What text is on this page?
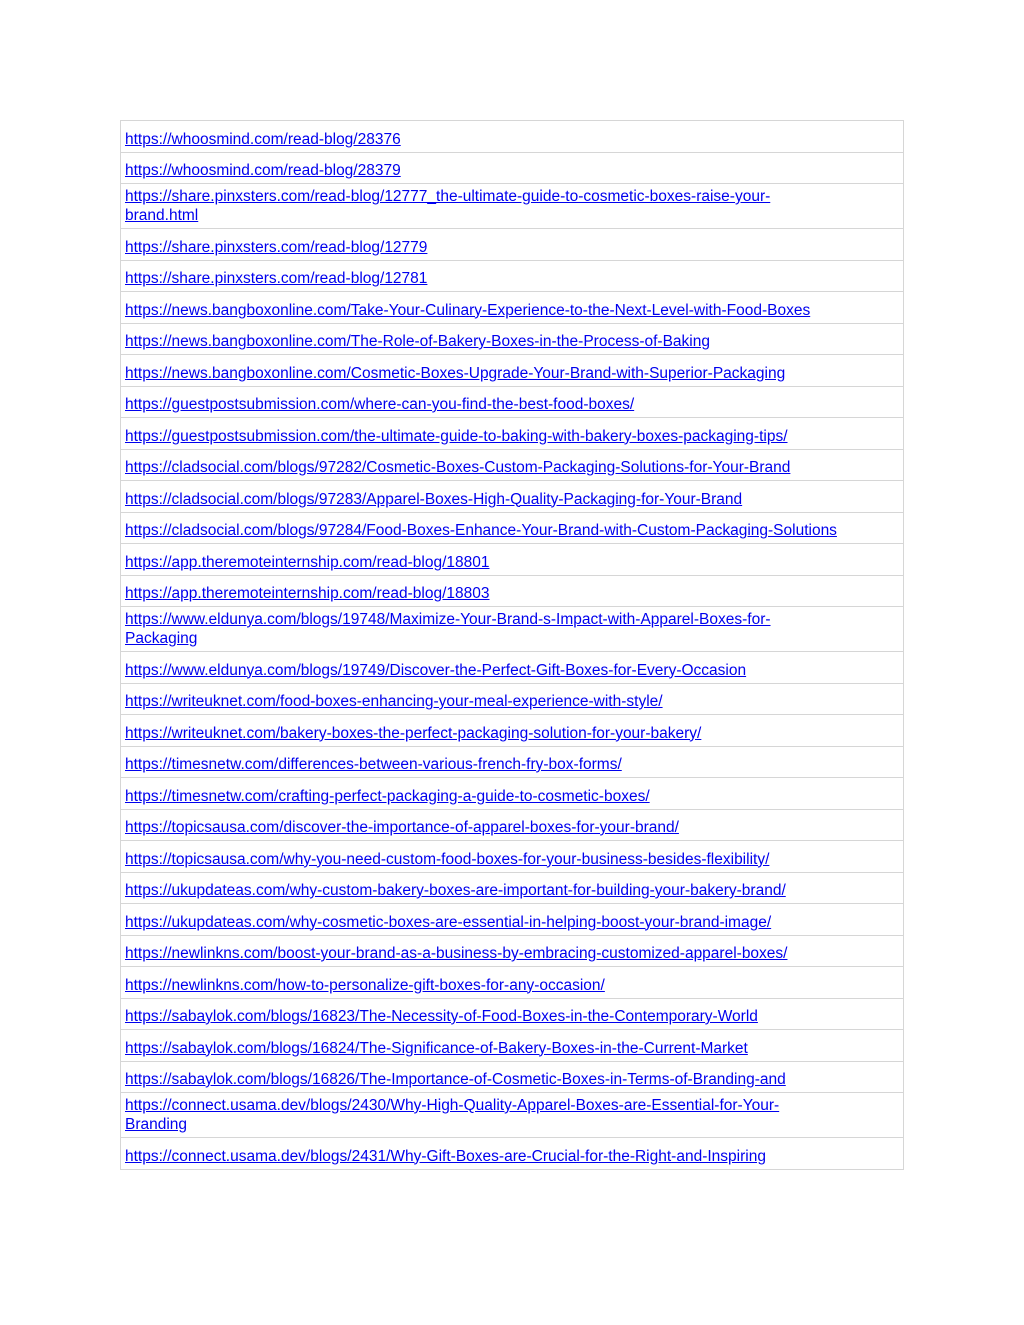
https://whoosmind.com/read-blog/28376

https://whoosmind.com/read-blog/28379

https://share.pinxsters.com/read-blog/12777_the-ultimate-guide-to-cosmetic-boxes-raise-your-
brand.html

https://share.pinxsters.com/read-blog/12779

https://share.pinxsters.com/read-blog/12781

https://news.bangboxonline.com/Take-Your-Culinary-Experience-to-the-Next-Level-with-Food-Boxes

https://news.bangboxonline.com/The-Role-of-Bakery-Boxes-in-the-Process-of-Baking

https://news.bangboxonline.com/Cosmetic-Boxes-Upgrade-Your-Brand-with-Superior-Packaging

https://guestpostsubmission.com/where-can-you-find-the-best-food-boxes/

https://guestpostsubmission.com/the-ultimate-guide-to-baking-with-bakery-boxes-packaging-tips/

https://cladsocial.com/blogs/97282/Cosmetic-Boxes-Custom-Packaging-Solutions-for-Your-Brand

https://cladsocial.com/blogs/97283/Apparel-Boxes-High-Quality-Packaging-for-Your-Brand

https://cladsocial.com/blogs/97284/Food-Boxes-Enhance-Your-Brand-with-Custom-Packaging-Solutions

https://app.theremoteinternship.com/read-blog/18801

https://app.theremoteinternship.com/read-blog/18803

https://www.eldunya.com/blogs/19748/Maximize-Your-Brand-s-Impact-with-Apparel-Boxes-for-
Packaging

https://www.eldunya.com/blogs/19749/Discover-the-Perfect-Gift-Boxes-for-Every-Occasion

https://writeuknet.com/food-boxes-enhancing-your-meal-experience-with-style/

https://writeuknet.com/bakery-boxes-the-perfect-packaging-solution-for-your-bakery/

https://timesnetw.com/differences-between-various-french-fry-box-forms/

https://timesnetw.com/crafting-perfect-packaging-a-guide-to-cosmetic-boxes/

https://topicsausa.com/discover-the-importance-of-apparel-boxes-for-your-brand/

https://topicsausa.com/why-you-need-custom-food-boxes-for-your-business-besides-flexibility/

https://ukupdateas.com/why-custom-bakery-boxes-are-important-for-building-your-bakery-brand/

https://ukupdateas.com/why-cosmetic-boxes-are-essential-in-helping-boost-your-brand-image/

https://newlinkns.com/boost-your-brand-as-a-business-by-embracing-customized-apparel-boxes/

https://newlinkns.com/how-to-personalize-gift-boxes-for-any-occasion/

https://sabaylok.com/blogs/16823/The-Necessity-of-Food-Boxes-in-the-Contemporary-World

https://sabaylok.com/blogs/16824/The-Significance-of-Bakery-Boxes-in-the-Current-Market

https://sabaylok.com/blogs/16826/The-Importance-of-Cosmetic-Boxes-in-Terms-of-Branding-and

https://connect.usama.dev/blogs/2430/Why-High-Quality-Apparel-Boxes-are-Essential-for-Your-
Branding

https://connect.usama.dev/blogs/2431/Why-Gift-Boxes-are-Crucial-for-the-Right-and-Inspiring
